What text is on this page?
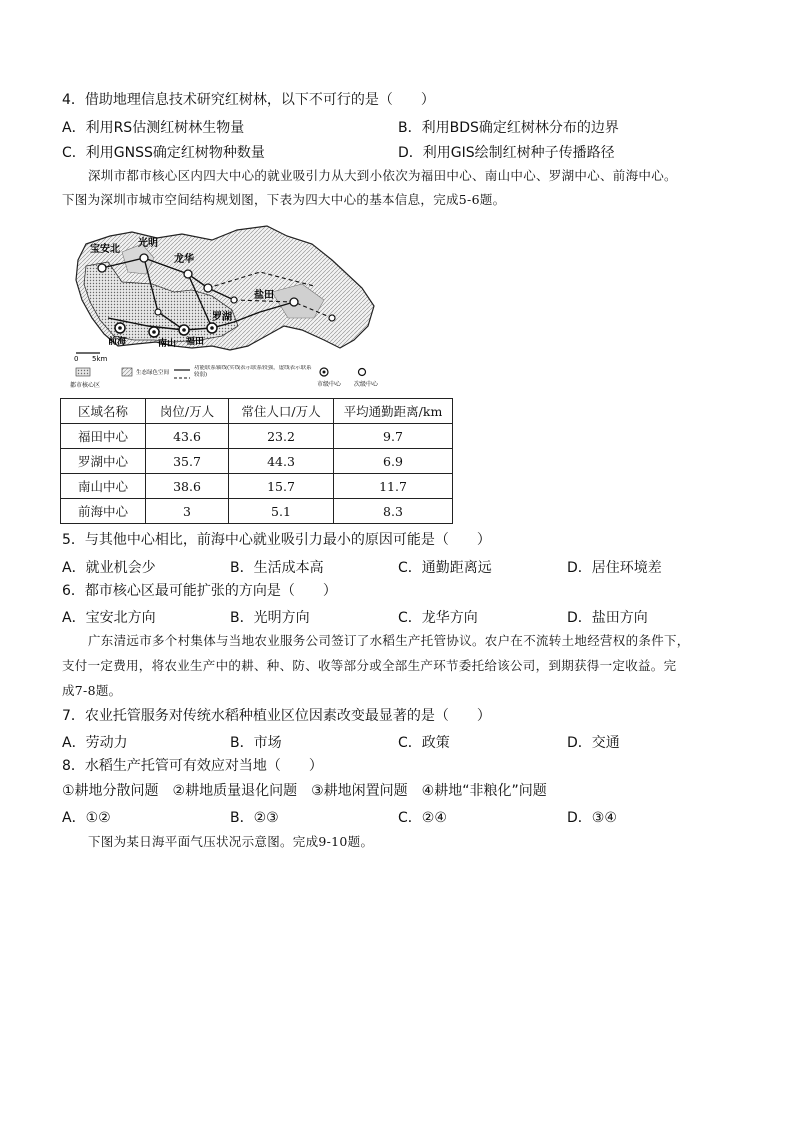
4．借助地理信息技术研究红树林，以下不可行的是（　　）
A．利用RS估测红树林生物量	B．利用BDS确定红树林分布的边界
C．利用GNSS确定红树物种数量	D．利用GIS绘制红树种子传播路径
深圳市都市核心区内四大中心的就业吸引力从大到小依次为福田中心、南山中心、罗湖中心、前海中心。
下图为深圳市城市空间结构规划图，下表为四大中心的基本信息，完成5-6题。
宝安北
光明
龙华
盐田
罗湖
南山 福田
前海
0 5km
都市核心区
生态绿色空间
功能联系轴线(实线表示联系较强，虚线表示联系较弱)
市级中心 次级中心
区域名称	岗位/万人	常住人口/万人	平均通勤距离/km
福田中心	43.6	23.2	9.7
罗湖中心	35.7	44.3	6.9
南山中心	38.6	15.7	11.7
前海中心	3	5.1	8.3
5．与其他中心相比，前海中心就业吸引力最小的原因可能是（　　）
A．就业机会少	B．生活成本高	C．通勤距离远	D．居住环境差
6．都市核心区最可能扩张的方向是（　　）
A．宝安北方向	B．光明方向	C．龙华方向	D．盐田方向
广东清远市多个村集体与当地农业服务公司签订了水稻生产托管协议。农户在不流转土地经营权的条件下，
支付一定费用，将农业生产中的耕、种、防、收等部分或全部生产环节委托给该公司，到期获得一定收益。完
成7-8题。
7．农业托管服务对传统水稻种植业区位因素改变最显著的是（　　）
A．劳动力	B．市场	C．政策	D．交通
8．水稻生产托管可有效应对当地（　　）
①耕地分散问题　②耕地质量退化问题　③耕地闲置问题　④耕地“非粮化”问题
A．①②	B．②③	C．②④	D．③④
下图为某日海平面气压状况示意图。完成9-10题。
